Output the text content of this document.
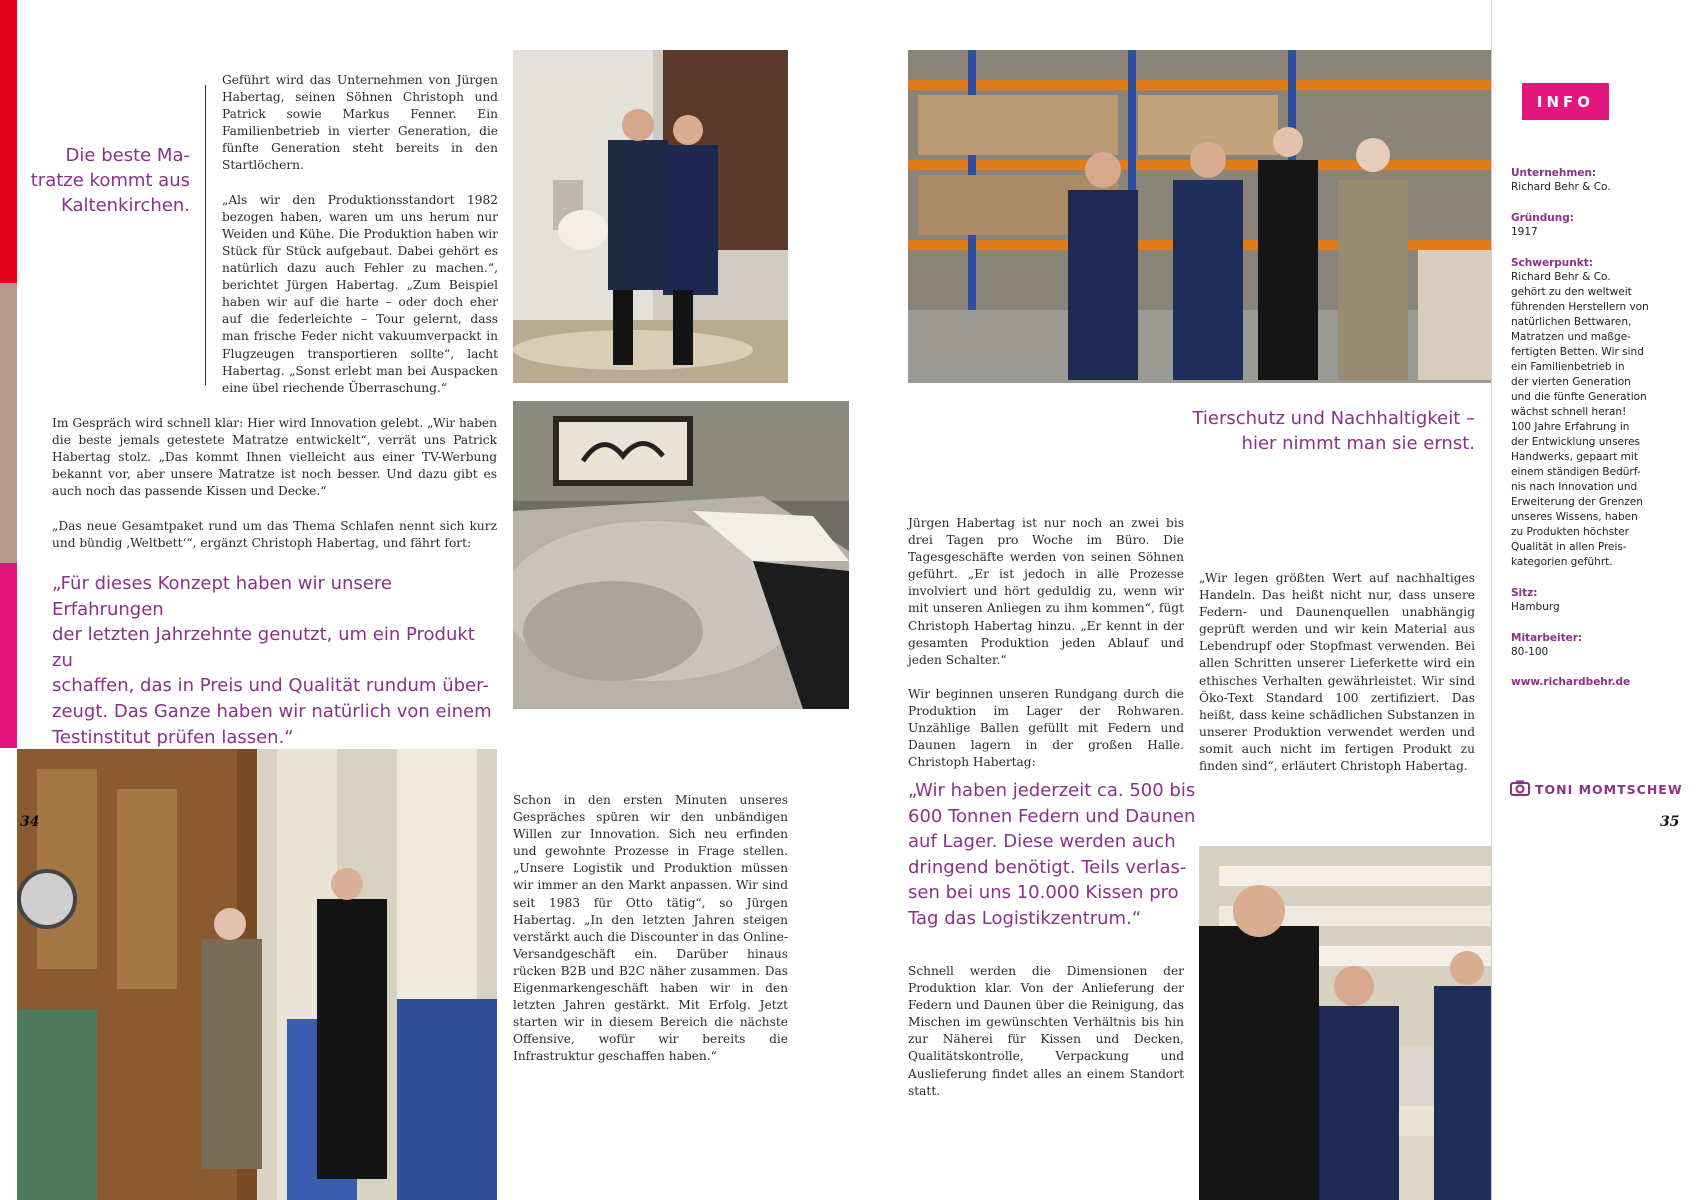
Die beste Ma-
tratze kommt aus
Kaltenkirchen.
Geführt wird das Unternehmen von Jürgen Habertag, seinen Söhnen Christoph und Patrick sowie Markus Fenner. Ein Familienbetrieb in vierter Generation, die fünfte Generation steht bereits in den Startlöchern.

„Als wir den Produktionsstandort 1982 bezogen haben, waren um uns herum nur Weiden und Kühe. Die Produktion haben wir Stück für Stück aufgebaut. Dabei gehört es natürlich dazu auch Fehler zu machen.“, berichtet Jürgen Habertag. „Zum Beispiel haben wir auf die harte – oder doch eher auf die federleichte – Tour gelernt, dass man frische Feder nicht vakuumverpackt in Flugzeugen transportieren sollte“, lacht Habertag. „Sonst erlebt man bei Auspacken eine übel riechende Überraschung.“
Im Gespräch wird schnell klar: Hier wird Innovation gelebt. „Wir haben die beste jemals getestete Matratze entwickelt“, verrät uns Patrick Habertag stolz. „Das kommt Ihnen vielleicht aus einer TV-Werbung bekannt vor, aber unsere Matratze ist noch besser. Und dazu gibt es auch noch das passende Kissen und Decke.“

„Das neue Gesamtpaket rund um das Thema Schlafen nennt sich kurz und bündig ‚Weltbett‘“, ergänzt Christoph Habertag, und fährt fort:
„Für dieses Konzept haben wir unsere Erfahrungen
der letzten Jahrzehnte genutzt, um ein Produkt zu
schaffen, das in Preis und Qualität rundum über-
zeugt. Das Ganze haben wir natürlich von einem
Testinstitut prüfen lassen.“
34
Schon in den ersten Minuten unseres Gespräches spüren wir den unbändigen Willen zur Innovation. Sich neu erfinden und gewohnte Prozesse in Frage stellen. „Unsere Logistik und Produktion müssen wir immer an den Markt anpassen. Wir sind seit 1983 für Otto tätig“, so Jürgen Habertag. „In den letzten Jahren steigen verstärkt auch die Discounter in das Online-Versandgeschäft ein. Darüber hinaus rücken B2B und B2C näher zusammen. Das Eigenmarkengeschäft haben wir in den letzten Jahren gestärkt. Mit Erfolg. Jetzt starten wir in diesem Bereich die nächste Offensive, wofür wir bereits die Infrastruktur geschaffen haben.“
Tierschutz und Nachhaltigkeit –
hier nimmt man sie ernst.
Jürgen Habertag ist nur noch an zwei bis drei Tagen pro Woche im Büro. Die Tagesgeschäfte werden von seinen Söhnen geführt. „Er ist jedoch in alle Prozesse involviert und hört geduldig zu, wenn wir mit unseren Anliegen zu ihm kommen“, fügt Christoph Habertag hinzu. „Er kennt in der gesamten Produktion jeden Ablauf und jeden Schalter.“

Wir beginnen unseren Rundgang durch die Produktion im Lager der Rohwaren. Unzählige Ballen gefüllt mit Federn und Daunen lagern in der großen Halle. Christoph Habertag:
„Wir haben jederzeit ca. 500 bis
600 Tonnen Federn und Daunen
auf Lager. Diese werden auch
dringend benötigt. Teils verlas-
sen bei uns 10.000 Kissen pro
Tag das Logistikzentrum.“
Schnell werden die Dimensionen der Produktion klar. Von der Anlieferung der Federn und Daunen über die Reinigung, das Mischen im gewünschten Verhältnis bis hin zur Näherei für Kissen und Decken, Qualitätskontrolle, Verpackung und Auslieferung findet alles an einem Standort statt.
„Wir legen größten Wert auf nachhaltiges Handeln. Das heißt nicht nur, dass unsere Federn- und Daunenquellen unabhängig geprüft werden und wir kein Material aus Lebendrupf oder Stopfmast verwenden. Bei allen Schritten unserer Lieferkette wird ein ethisches Verhalten gewährleistet. Wir sind Öko-Text Standard 100 zertifiziert. Das heißt, dass keine schädlichen Substanzen in unserer Produktion verwendet werden und somit auch nicht im fertigen Produkt zu finden sind“, erläutert Christoph Habertag.
INFO
Unternehmen:
Richard Behr & Co.
Gründung:
1917
Schwerpunkt:
Richard Behr & Co.
gehört zu den weltweit
führenden Herstellern von
natürlichen Bettwaren,
Matratzen und maßge-
fertigten Betten. Wir sind
ein Familienbetrieb in
der vierten Generation
und die fünfte Generation
wächst schnell heran!
100 Jahre Erfahrung in
der Entwicklung unseres
Handwerks, gepaart mit
einem ständigen Bedürf-
nis nach Innovation und
Erweiterung der Grenzen
unseres Wissens, haben
zu Produkten höchster
Qualität in allen Preis-
kategorien geführt.
Sitz:
Hamburg
Mitarbeiter:
80-100
www.richardbehr.de
TONI MOMTSCHEW
35
